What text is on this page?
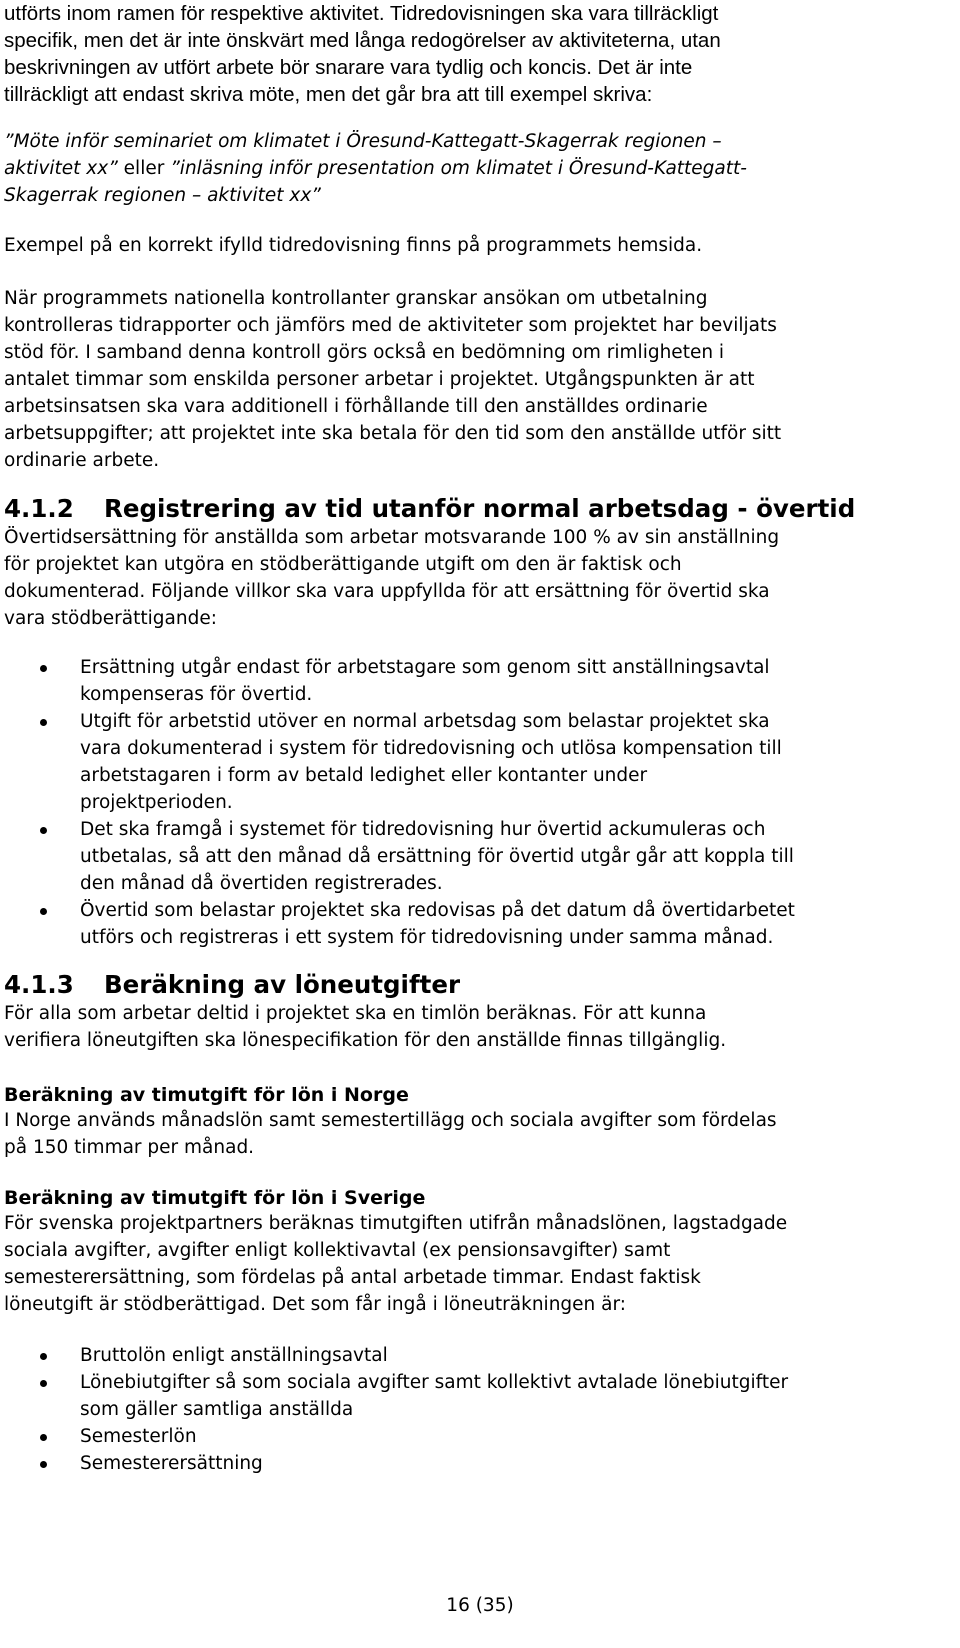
utförts inom ramen för respektive aktivitet. Tidredovisningen ska vara tillräckligt
specifik, men det är inte önskvärt med långa redogörelser av aktiviteterna, utan
beskrivningen av utfört arbete bör snarare vara tydlig och koncis. Det är inte
tillräckligt att endast skriva möte, men det går bra att till exempel skriva:

”Möte inför seminariet om klimatet i Öresund-Kattegatt-Skagerrak regionen –
aktivitet xx” eller ”inläsning inför presentation om klimatet i Öresund-Kattegatt-
Skagerrak regionen – aktivitet xx”

Exempel på en korrekt ifylld tidredovisning finns på programmets hemsida.

När programmets nationella kontrollanter granskar ansökan om utbetalning
kontrolleras tidrapporter och jämförs med de aktiviteter som projektet har beviljats
stöd för. I samband denna kontroll görs också en bedömning om rimligheten i
antalet timmar som enskilda personer arbetar i projektet. Utgångspunkten är att
arbetsinsatsen ska vara additionell i förhållande till den anställdes ordinarie
arbetsuppgifter; att projektet inte ska betala för den tid som den anställde utför sitt
ordinarie arbete.

4.1.2 Registrering av tid utanför normal arbetsdag - övertid

Övertidsersättning för anställda som arbetar motsvarande 100 % av sin anställning
för projektet kan utgöra en stödberättigande utgift om den är faktisk och
dokumenterad. Följande villkor ska vara uppfyllda för att ersättning för övertid ska
vara stödberättigande:

Ersättning utgår endast för arbetstagare som genom sitt anställningsavtal
kompenseras för övertid.
Utgift för arbetstid utöver en normal arbetsdag som belastar projektet ska
vara dokumenterad i system för tidredovisning och utlösa kompensation till
arbetstagaren i form av betald ledighet eller kontanter under
projektperioden.
Det ska framgå i systemet för tidredovisning hur övertid ackumuleras och
utbetalas, så att den månad då ersättning för övertid utgår går att koppla till
den månad då övertiden registrerades.
Övertid som belastar projektet ska redovisas på det datum då övertidarbetet
utförs och registreras i ett system för tidredovisning under samma månad.
4.1.3 Beräkning av löneutgifter

För alla som arbetar deltid i projektet ska en timlön beräknas. För att kunna
verifiera löneutgiften ska lönespecifikation för den anställde finnas tillgänglig.

Beräkning av timutgift för lön i Norge

I Norge används månadslön samt semestertillägg och sociala avgifter som fördelas
på 150 timmar per månad.

Beräkning av timutgift för lön i Sverige

För svenska projektpartners beräknas timutgiften utifrån månadslönen, lagstadgade
sociala avgifter, avgifter enligt kollektivavtal (ex pensionsavgifter) samt
semesterersättning, som fördelas på antal arbetade timmar. Endast faktisk
löneutgift är stödberättigad. Det som får ingå i löneuträkningen är:

Bruttolön enligt anställningsavtal
Lönebiutgifter så som sociala avgifter samt kollektivt avtalade lönebiutgifter
som gäller samtliga anställda
Semesterlön
Semesterersättning
16 (35)
